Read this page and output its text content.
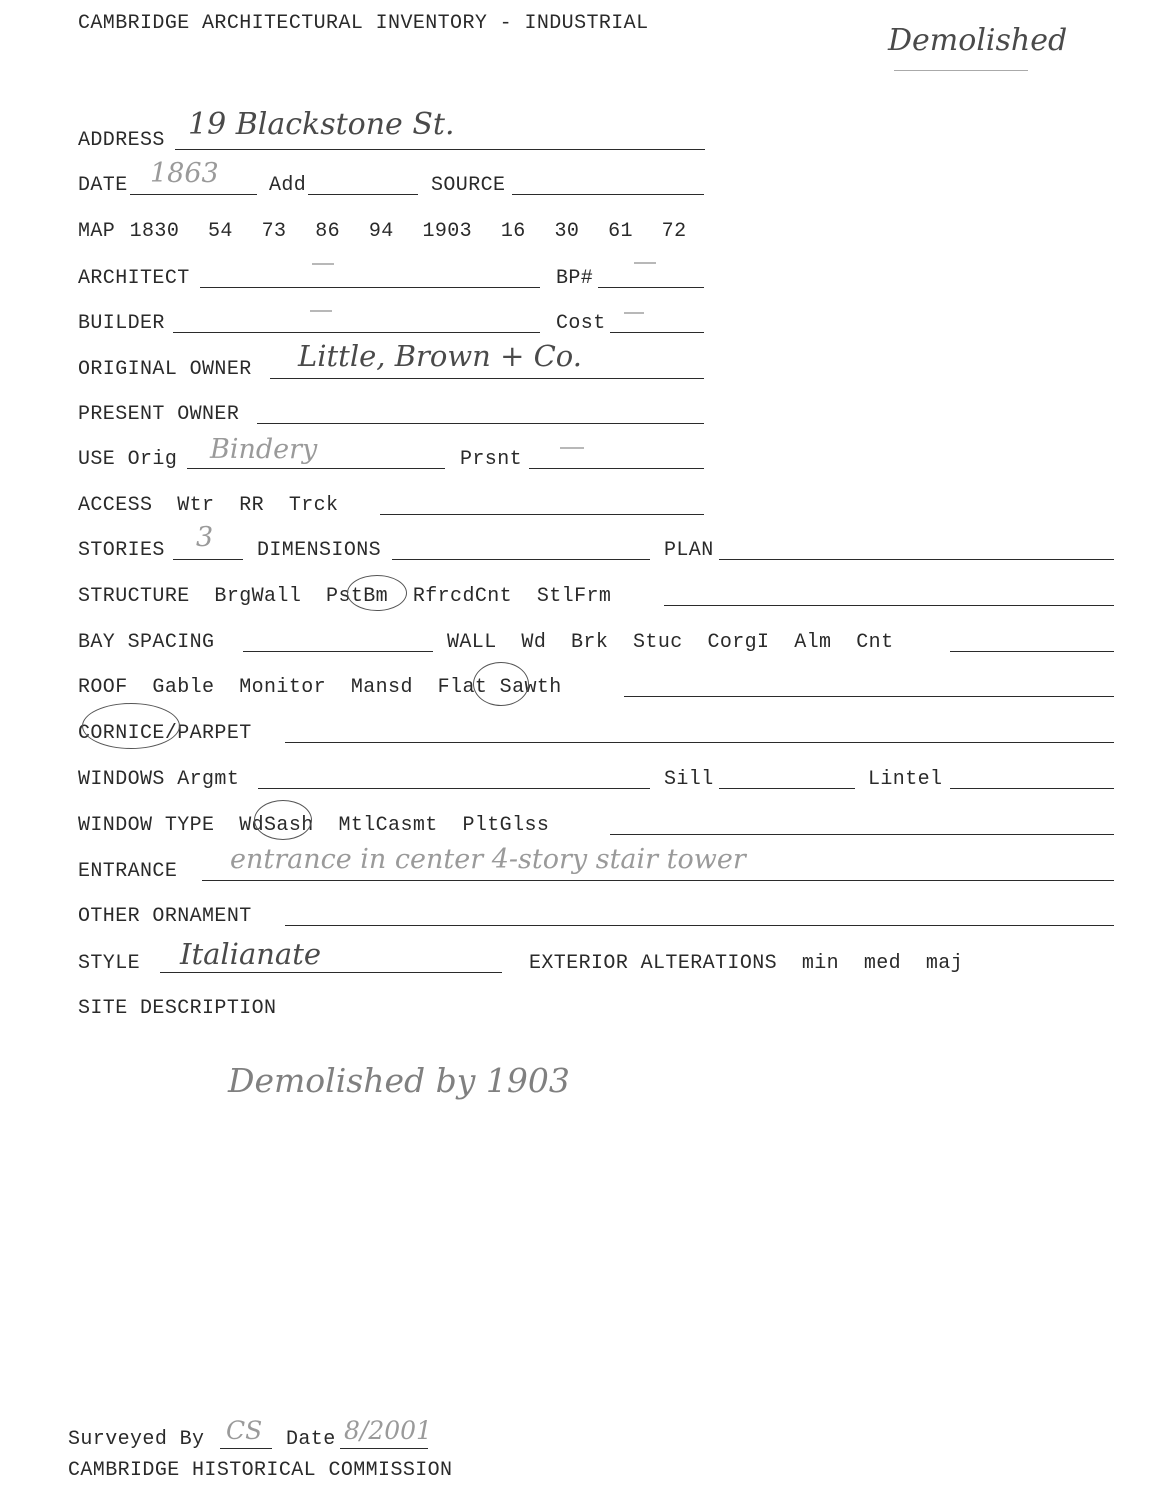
CAMBRIDGE ARCHITECTURAL INVENTORY - INDUSTRIAL	Demolished
ADDRESS 19 Blackstone St.
DATE 1863	Add	SOURCE
MAP 1830  54  73  86  94  1903  16  30  61  72
ARCHITECT	BP#
BUILDER	Cost
ORIGINAL OWNER Little, Brown + Co.
PRESENT OWNER
USE Orig Bindery	Prsnt
ACCESS  Wtr  RR  Trck
STORIES 3 DIMENSIONS	PLAN
STRUCTURE  BrgWall  PstBm  RfrcdCnt  StlFrm
BAY SPACING	WALL  Wd  Brk  Stuc  CorgI  Alm  Cnt
ROOF  Gable  Monitor  Mansd  Flat Sawth
CORNICE/PARPET
WINDOWS Argmt	Sill	Lintel
WINDOW TYPE  WdSash  MtlCasmt  PltGlss
ENTRANCE entrance in center 4-story stair tower
OTHER ORNAMENT
STYLE Italianate	EXTERIOR ALTERATIONS  min  med  maj
SITE DESCRIPTION
Demolished by 1903
Surveyed By CS Date 8/2001
CAMBRIDGE HISTORICAL COMMISSION
